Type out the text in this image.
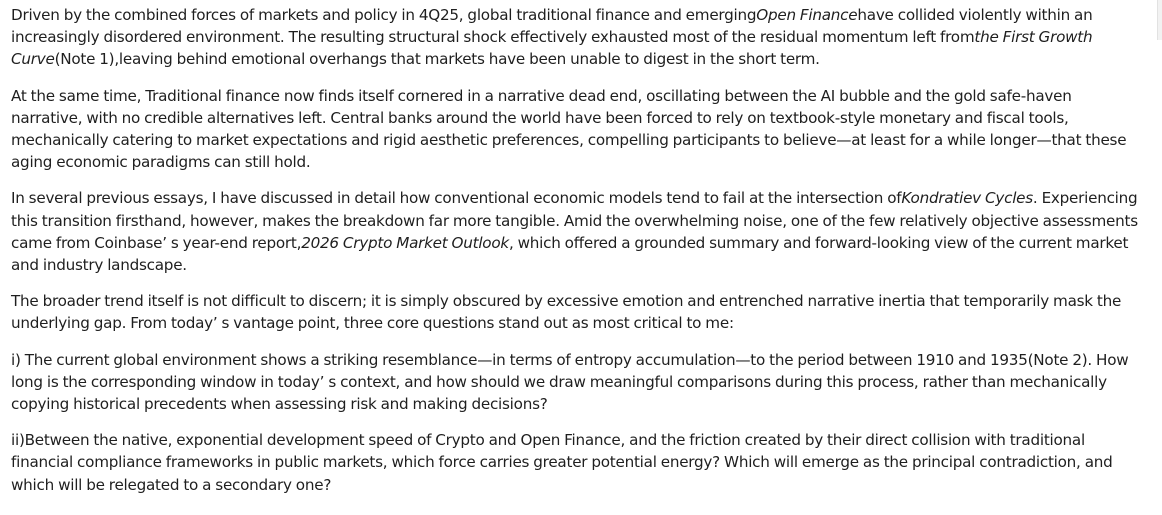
Driven by the combined forces of markets and policy in 4Q25, global traditional finance and emergingOpen Financehave collided violently within an increasingly disordered environment. The resulting structural shock effectively exhausted most of the residual momentum left fromthe First Growth Curve(Note 1),leaving behind emotional overhangs that markets have been unable to digest in the short term.

At the same time, Traditional finance now finds itself cornered in a narrative dead end, oscillating between the AI bubble and the gold safe-haven narrative, with no credible alternatives left. Central banks around the world have been forced to rely on textbook-style monetary and fiscal tools, mechanically catering to market expectations and rigid aesthetic preferences, compelling participants to believe—at least for a while longer—that these aging economic paradigms can still hold.

In several previous essays, I have discussed in detail how conventional economic models tend to fail at the intersection ofKondratiev Cycles. Experiencing this transition firsthand, however, makes the breakdown far more tangible. Amid the overwhelming noise, one of the few relatively objective assessments came from Coinbase’ s year-end report,2026 Crypto Market Outlook, which offered a grounded summary and forward-looking view of the current market and industry landscape.

The broader trend itself is not difficult to discern; it is simply obscured by excessive emotion and entrenched narrative inertia that temporarily mask the underlying gap. From today’ s vantage point, three core questions stand out as most critical to me:

i) The current global environment shows a striking resemblance—in terms of entropy accumulation—to the period between 1910 and 1935(Note 2). How long is the corresponding window in today’ s context, and how should we draw meaningful comparisons during this process, rather than mechanically copying historical precedents when assessing risk and making decisions?

ii)Between the native, exponential development speed of Crypto and Open Finance, and the friction created by their direct collision with traditional financial compliance frameworks in public markets, which force carries greater potential energy? Which will emerge as the principal contradiction, and which will be relegated to a secondary one?
